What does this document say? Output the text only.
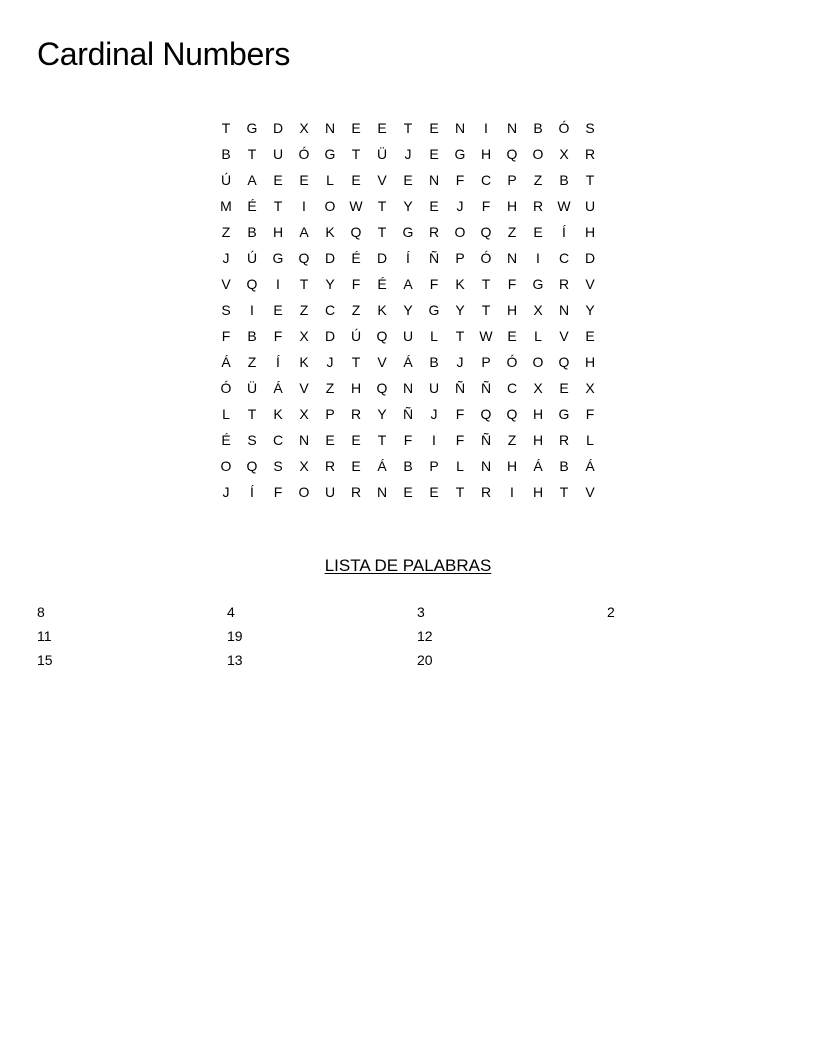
Cardinal Numbers
T	G	D	X	N	E	E	T	E	N	I	N	B	Ó	S
B	T	U	Ó	G	T	Ü	J	E	G	H	Q	O	X	R
Ú	A	E	E	L	E	V	E	N	F	C	P	Z	B	T
M	É	T	I	O	W	T	Y	E	J	F	H	R	W	U
Z	B	H	A	K	Q	T	G	R	O	Q	Z	E	Í	H
J	Ú	G	Q	D	É	D	Í	Ñ	P	Ó	N	I	C	D
V	Q	I	T	Y	F	É	A	F	K	T	F	G	R	V
S	I	E	Z	C	Z	K	Y	G	Y	T	H	X	N	Y
F	B	F	X	D	Ú	Q	U	L	T	W	E	L	V	E
Á	Z	Í	K	J	T	V	Á	B	J	P	Ó	O	Q	H
Ó	Ü	Á	V	Z	H	Q	N	U	Ñ	Ñ	C	X	E	X
L	T	K	X	P	R	Y	Ñ	J	F	Q	Q	H	G	F
É	S	C	N	E	E	T	F	I	F	Ñ	Z	H	R	L
O	Q	S	X	R	E	Á	B	P	L	N	H	Á	B	Á
J	Í	F	O	U	R	N	E	E	T	R	I	H	T	V
LISTA DE PALABRAS
8	4	3	2
11	19	12	
15	13	20	
